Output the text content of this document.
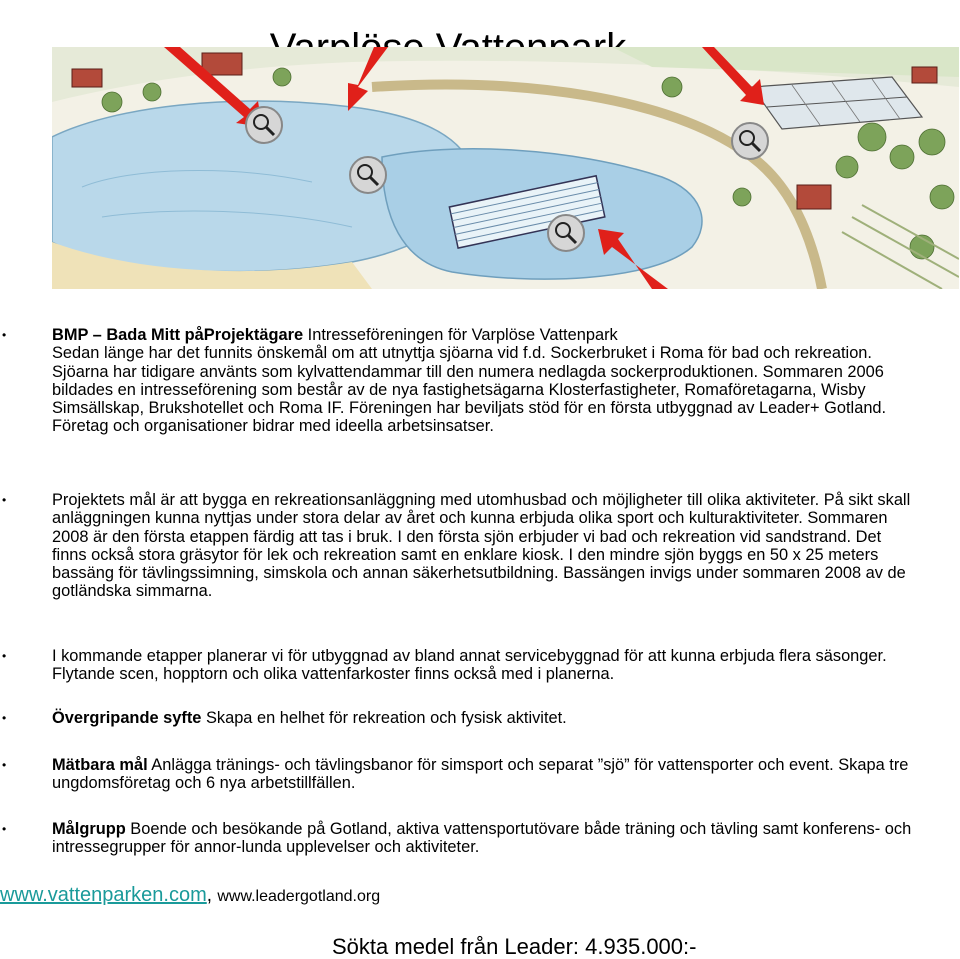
•	BMP – Bada Mitt påProjektägare Intresseföreningen för Varplöse Vattenpark

Sedan länge har det funnits önskemål om att utnyttja sjöarna vid f.d. Sockerbruket i Roma för bad och rekreation. Sjöarna har tidigare använts som kylvattendammar till den numera nedlagda sockerproduktionen. Sommaren 2006 bildades en intresseförening som består av de nya fastighetsägarna Klosterfastigheter, Romaföretagarna, Wisby Simsällskap, Brukshotellet och Roma IF. Föreningen har beviljats stöd för en första utbyggnad av Leader+ Gotland. Företag och organisationer bidrar med ideella arbetsinsatser.

•	Projektets mål är att bygga en rekreationsanläggning med utomhusbad och möjligheter till olika aktiviteter. På sikt skall anläggningen kunna nyttjas under stora delar av året och kunna erbjuda olika sport och kulturaktiviteter. Sommaren 2008 är den första etappen färdig att tas i bruk. I den första sjön erbjuder vi bad och rekreation vid sandstrand. Det finns också stora gräsytor för lek och rekreation samt en enklare kiosk. I den mindre sjön byggs en 50 x 25 meters bassäng för tävlingssimning, simskola och annan säkerhetsutbildning. Bassängen invigs under sommaren 2008 av de gotländska simmarna.

•	I kommande etapper planerar vi för utbyggnad av bland annat servicebyggnad för att kunna erbjuda flera säsonger. Flytande scen, hopptorn och olika vattenfarkoster finns också med i planerna.

•	Övergripande syfte Skapa en helhet för rekreation och fysisk aktivitet.

•	Mätbara mål Anlägga tränings- och tävlingsbanor för simsport och separat ”sjö” för vattensporter och event. Skapa tre ungdomsföretag och 6 nya arbetstillfällen.

•	Målgrupp Boende och besökande på Gotland, aktiva vattensportutövare både träning och tävling samt konferens- och intressegrupper för annor-lunda upplevelser och aktiviteter.

www.vattenparken.com, www.leadergotland.org
Sökta medel från Leader: 4.935.000:-
